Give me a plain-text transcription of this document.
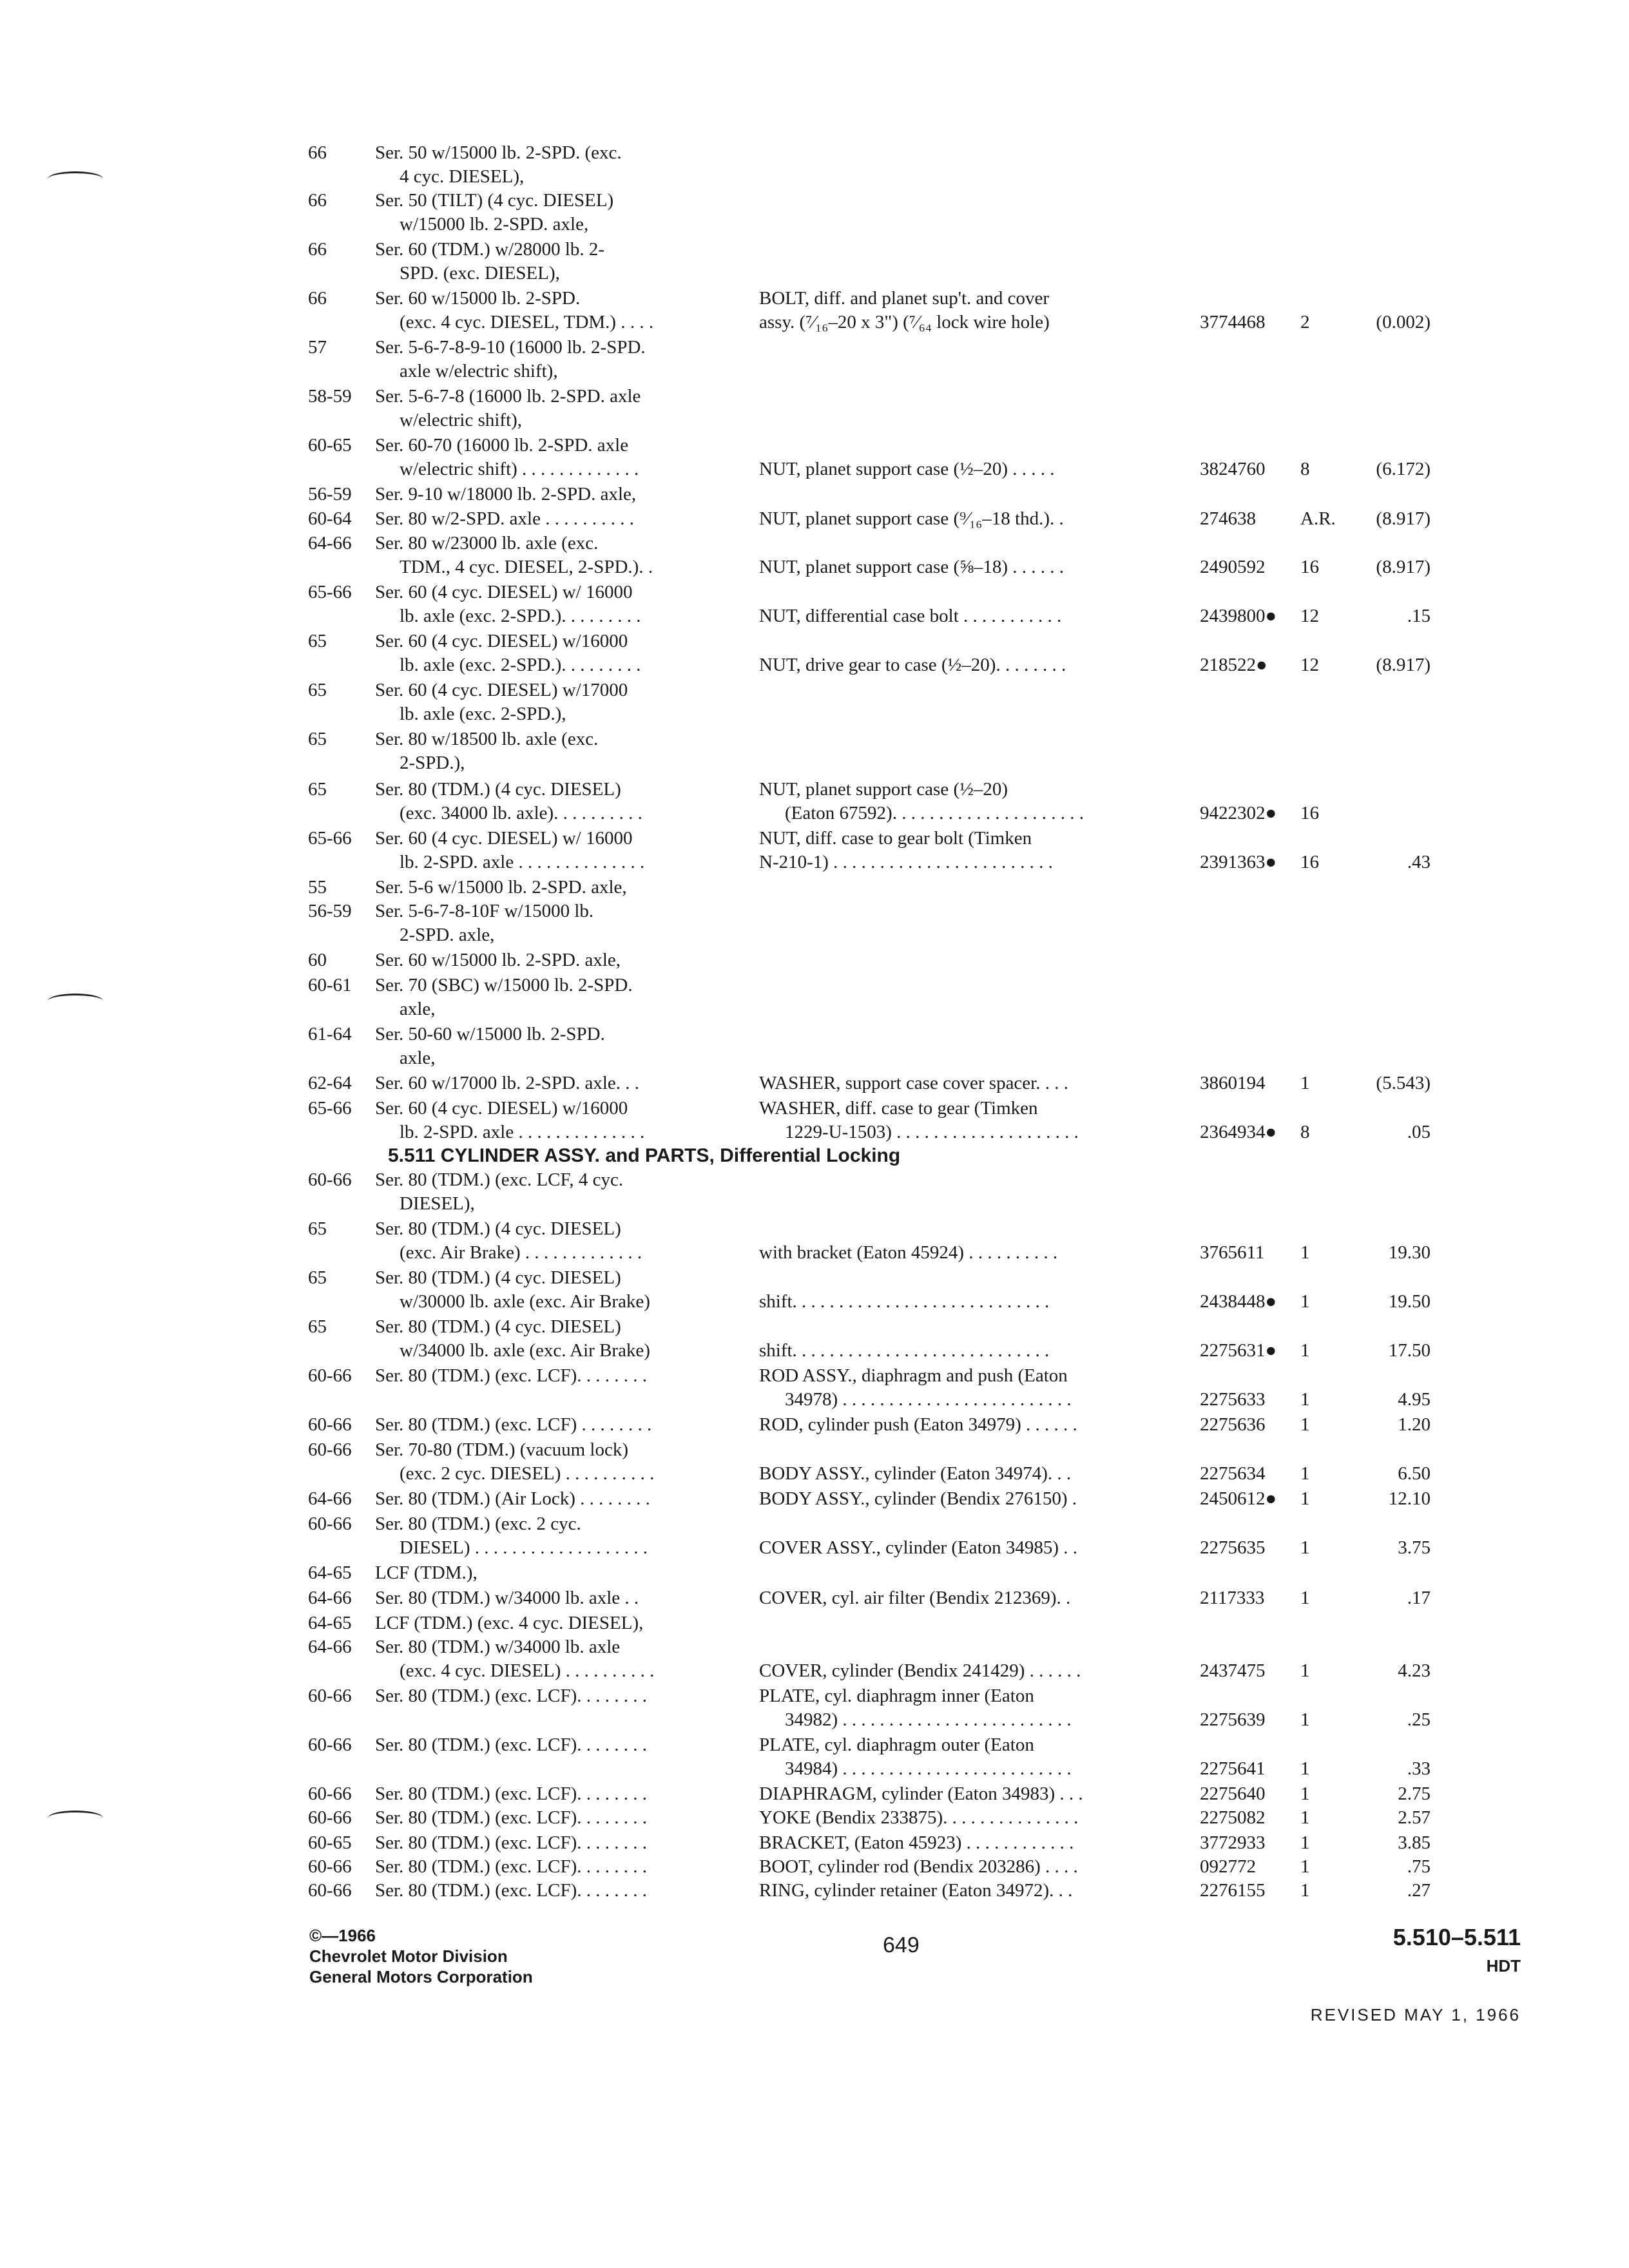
66	Ser. 50 w/15000 lb. 2-SPD. (exc.
4 cyc. DIESEL),
66	Ser. 50 (TILT) (4 cyc. DIESEL)
w/15000 lb. 2-SPD. axle,
66	Ser. 60 (TDM.) w/28000 lb. 2-
SPD. (exc. DIESEL),
66	Ser. 60 w/15000 lb. 2-SPD.	BOLT, diff. and planet sup't. and cover
(exc. 4 cyc. DIESEL, TDM.) . . . .	assy. (⁷⁄₁₆–20 x 3") (⁷⁄₆₄ lock wire hole)	3774468 2	(0.002)
57	Ser. 5-6-7-8-9-10 (16000 lb. 2-SPD.
axle w/electric shift),
58-59 Ser. 5-6-7-8 (16000 lb. 2-SPD. axle
w/electric shift),
60-65 Ser. 60-70 (16000 lb. 2-SPD. axle
w/electric shift) . . . . . . . . . . . . .	NUT, planet support case (½–20) . . . . .	3824760 8	(6.172)
56-59 Ser. 9-10 w/18000 lb. 2-SPD. axle,
60-64 Ser. 80 w/2-SPD. axle . . . . . . . . . .	NUT, planet support case (⁹⁄₁₆–18 thd.). .	274638 A.R.	(8.917)
64-66 Ser. 80 w/23000 lb. axle (exc.
TDM., 4 cyc. DIESEL, 2-SPD.). .	NUT, planet support case (⅝–18) . . . . . .	2490592 16	(8.917)
65-66 Ser. 60 (4 cyc. DIESEL) w/ 16000
lb. axle (exc. 2-SPD.). . . . . . . . .	NUT, differential case bolt . . . . . . . . . . .	2439800● 12	.15
65	Ser. 60 (4 cyc. DIESEL) w/16000
lb. axle (exc. 2-SPD.). . . . . . . . .	NUT, drive gear to case (½–20). . . . . . . .	218522● 12	(8.917)
65	Ser. 60 (4 cyc. DIESEL) w/17000
lb. axle (exc. 2-SPD.),
65	Ser. 80 w/18500 lb. axle (exc.
2-SPD.),
65	Ser. 80 (TDM.) (4 cyc. DIESEL)	NUT, planet support case (½–20)
(exc. 34000 lb. axle). . . . . . . . . .	(Eaton 67592). . . . . . . . . . . . . . . . . . . . .	9422302● 16
65-66 Ser. 60 (4 cyc. DIESEL) w/ 16000	NUT, diff. case to gear bolt (Timken
lb. 2-SPD. axle . . . . . . . . . . . . . .	N-210-1) . . . . . . . . . . . . . . . . . . . . . . . .	2391363● 16	.43
55	Ser. 5-6 w/15000 lb. 2-SPD. axle,
56-59 Ser. 5-6-7-8-10F w/15000 lb.
2-SPD. axle,
60	Ser. 60 w/15000 lb. 2-SPD. axle,
60-61 Ser. 70 (SBC) w/15000 lb. 2-SPD.
axle,
61-64 Ser. 50-60 w/15000 lb. 2-SPD.
axle,
62-64 Ser. 60 w/17000 lb. 2-SPD. axle. . .	WASHER, support case cover spacer. . . .	3860194 1	(5.543)
65-66 Ser. 60 (4 cyc. DIESEL) w/16000	WASHER, diff. case to gear (Timken
lb. 2-SPD. axle . . . . . . . . . . . . . .	1229-U-1503) . . . . . . . . . . . . . . . . . . . .	2364934● 8	.05
60-66 Ser. 80 (TDM.) (exc. LCF, 4 cyc.
DIESEL),
65	Ser. 80 (TDM.) (4 cyc. DIESEL)
(exc. Air Brake) . . . . . . . . . . . . .	with bracket (Eaton 45924) . . . . . . . . . .	3765611 1	19.30
65	Ser. 80 (TDM.) (4 cyc. DIESEL)
w/30000 lb. axle (exc. Air Brake)	shift. . . . . . . . . . . . . . . . . . . . . . . . . . . .	2438448● 1	19.50
65	Ser. 80 (TDM.) (4 cyc. DIESEL)
w/34000 lb. axle (exc. Air Brake)	shift. . . . . . . . . . . . . . . . . . . . . . . . . . . .	2275631● 1	17.50
60-66 Ser. 80 (TDM.) (exc. LCF). . . . . . . .	ROD ASSY., diaphragm and push (Eaton
34978) . . . . . . . . . . . . . . . . . . . . . . . . .	2275633 1	4.95
60-66 Ser. 80 (TDM.) (exc. LCF) . . . . . . . .	ROD, cylinder push (Eaton 34979) . . . . . .	2275636 1	1.20
60-66 Ser. 70-80 (TDM.) (vacuum lock)
(exc. 2 cyc. DIESEL) . . . . . . . . . .	BODY ASSY., cylinder (Eaton 34974). . .	2275634 1	6.50
64-66 Ser. 80 (TDM.) (Air Lock) . . . . . . . .	BODY ASSY., cylinder (Bendix 276150) .	2450612● 1	12.10
60-66 Ser. 80 (TDM.) (exc. 2 cyc.
DIESEL) . . . . . . . . . . . . . . . . . . .	COVER ASSY., cylinder (Eaton 34985) . .	2275635 1	3.75
64-65 LCF (TDM.),
64-66 Ser. 80 (TDM.) w/34000 lb. axle . .	COVER, cyl. air filter (Bendix 212369). .	2117333 1	.17
64-65 LCF (TDM.) (exc. 4 cyc. DIESEL),
64-66 Ser. 80 (TDM.) w/34000 lb. axle
(exc. 4 cyc. DIESEL) . . . . . . . . . .	COVER, cylinder (Bendix 241429) . . . . . .	2437475 1	4.23
60-66 Ser. 80 (TDM.) (exc. LCF). . . . . . . .	PLATE, cyl. diaphragm inner (Eaton
34982) . . . . . . . . . . . . . . . . . . . . . . . . .	2275639 1	.25
60-66 Ser. 80 (TDM.) (exc. LCF). . . . . . . .	PLATE, cyl. diaphragm outer (Eaton
34984) . . . . . . . . . . . . . . . . . . . . . . . . .	2275641 1	.33
60-66 Ser. 80 (TDM.) (exc. LCF). . . . . . . .	DIAPHRAGM, cylinder (Eaton 34983) . . .	2275640 1	2.75
60-66 Ser. 80 (TDM.) (exc. LCF). . . . . . . .	YOKE (Bendix 233875). . . . . . . . . . . . . . .	2275082 1	2.57
60-65 Ser. 80 (TDM.) (exc. LCF). . . . . . . .	BRACKET, (Eaton 45923) . . . . . . . . . . . .	3772933 1	3.85
60-66 Ser. 80 (TDM.) (exc. LCF). . . . . . . .	BOOT, cylinder rod (Bendix 203286) . . . .	092772 1	.75
60-66 Ser. 80 (TDM.) (exc. LCF). . . . . . . .	RING, cylinder retainer (Eaton 34972). . .	2276155 1	.27
5.511 CYLINDER ASSY. and PARTS, Differential Locking
©—1966
Chevrolet Motor Division
General Motors Corporation
649	5.510–5.511
HDT
REVISED MAY 1, 1966
